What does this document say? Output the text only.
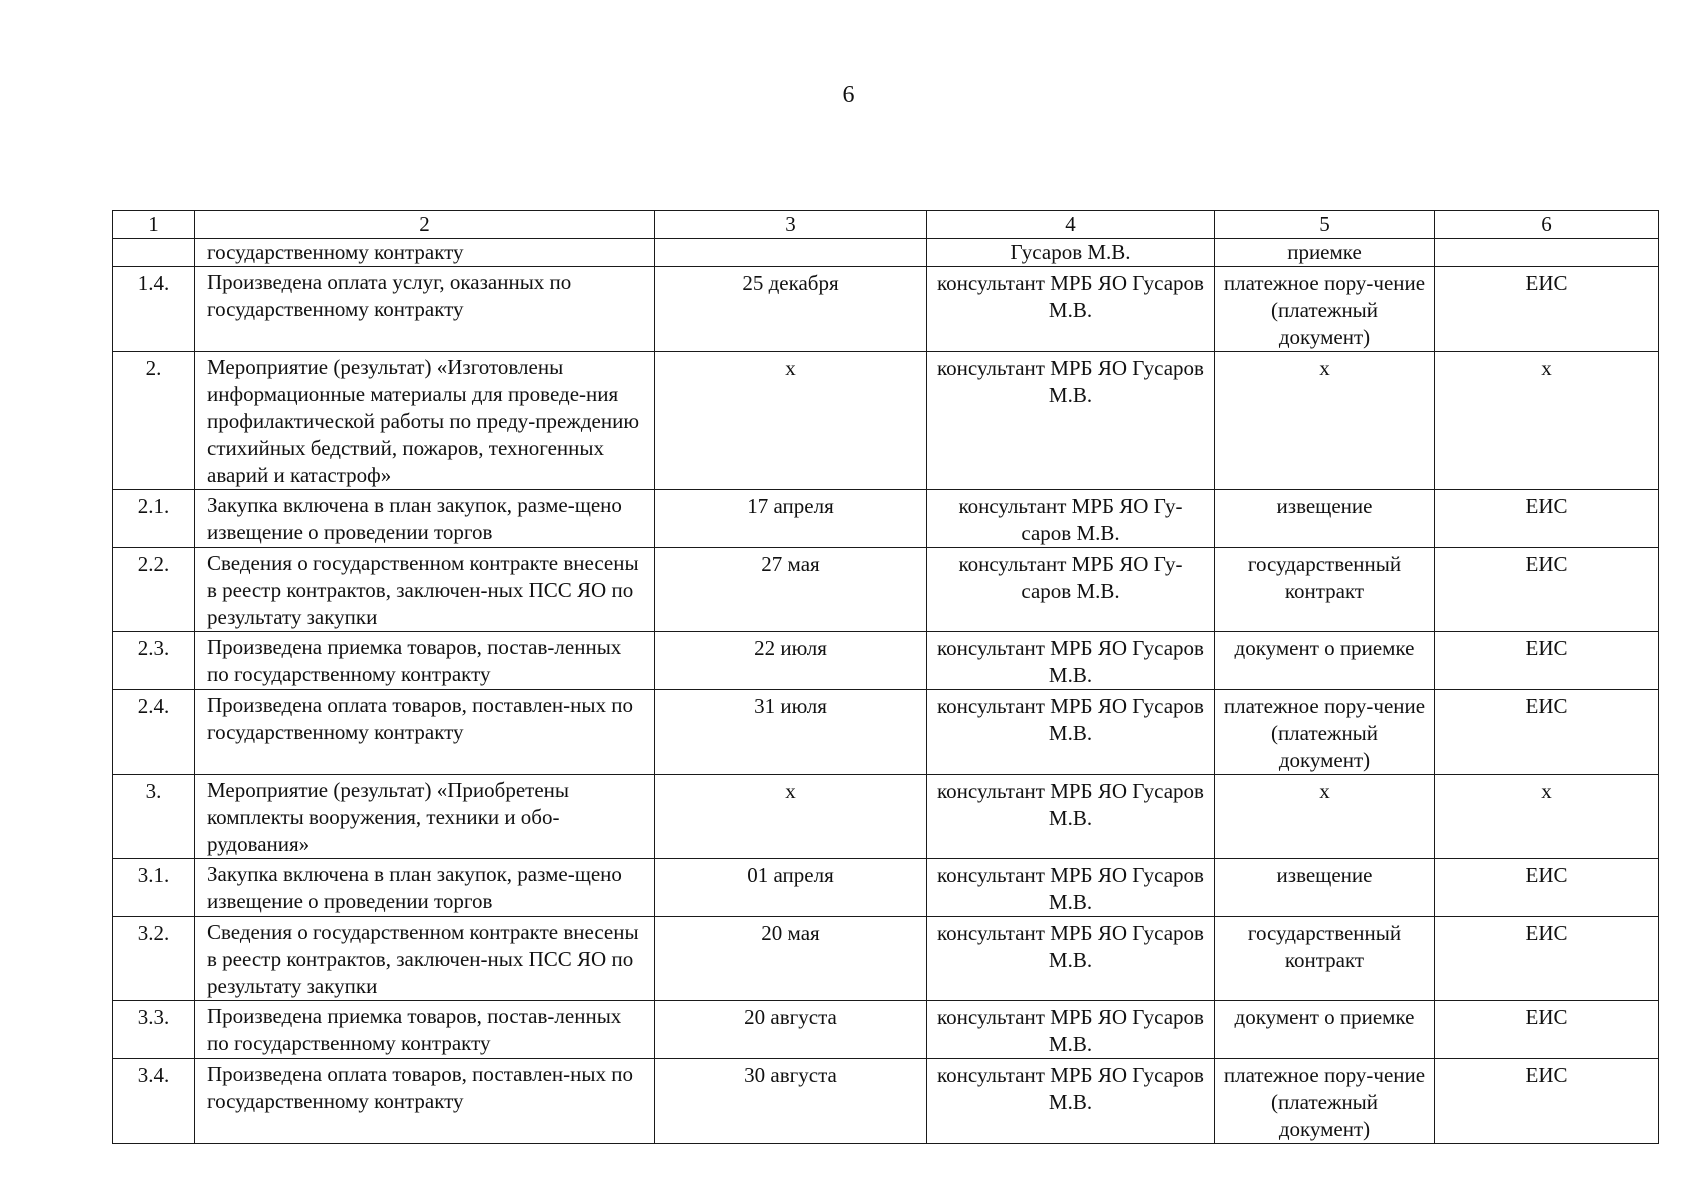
6
1	2	3	4	5	6
	государственному контракту		Гусаров М.В.	приемке	
1.4.	Произведена оплата услуг, оказанных по государственному контракту	25 декабря	консультант МРБ ЯО Гусаров М.В.	платежное пору-чение (платежный документ)	ЕИС
2.	Мероприятие (результат) «Изготовлены информационные материалы для проведе-ния профилактической работы по преду-преждению стихийных бедствий, пожаров, техногенных аварий и катастроф»	х	консультант МРБ ЯО Гусаров М.В.	х	х
2.1.	Закупка включена в план закупок, разме-щено извещение о проведении торгов	17 апреля	консультант МРБ ЯО Гу-саров М.В.	извещение	ЕИС
2.2.	Сведения о государственном контракте внесены в реестр контрактов, заключен-ных ПСС ЯО по результату закупки	27 мая	консультант МРБ ЯО Гу-саров М.В.	государственный контракт	ЕИС
2.3.	Произведена приемка товаров, постав-ленных по государственному контракту	22 июля	консультант МРБ ЯО Гусаров М.В.	документ о приемке	ЕИС
2.4.	Произведена оплата товаров, поставлен-ных по государственному контракту	31 июля	консультант МРБ ЯО Гусаров М.В.	платежное пору-чение (платежный документ)	ЕИС
3.	Мероприятие (результат) «Приобретены комплекты вооружения, техники и обо-рудования»	х	консультант МРБ ЯО Гусаров М.В.	х	х
3.1.	Закупка включена в план закупок, разме-щено извещение о проведении торгов	01 апреля	консультант МРБ ЯО Гусаров М.В.	извещение	ЕИС
3.2.	Сведения о государственном контракте внесены в реестр контрактов, заключен-ных ПСС ЯО по результату закупки	20 мая	консультант МРБ ЯО Гусаров М.В.	государственный контракт	ЕИС
3.3.	Произведена приемка товаров, постав-ленных по государственному контракту	20 августа	консультант МРБ ЯО Гусаров М.В.	документ о приемке	ЕИС
3.4.	Произведена оплата товаров, поставлен-ных по государственному контракту	30 августа	консультант МРБ ЯО Гусаров М.В.	платежное пору-чение (платежный документ)	ЕИС
